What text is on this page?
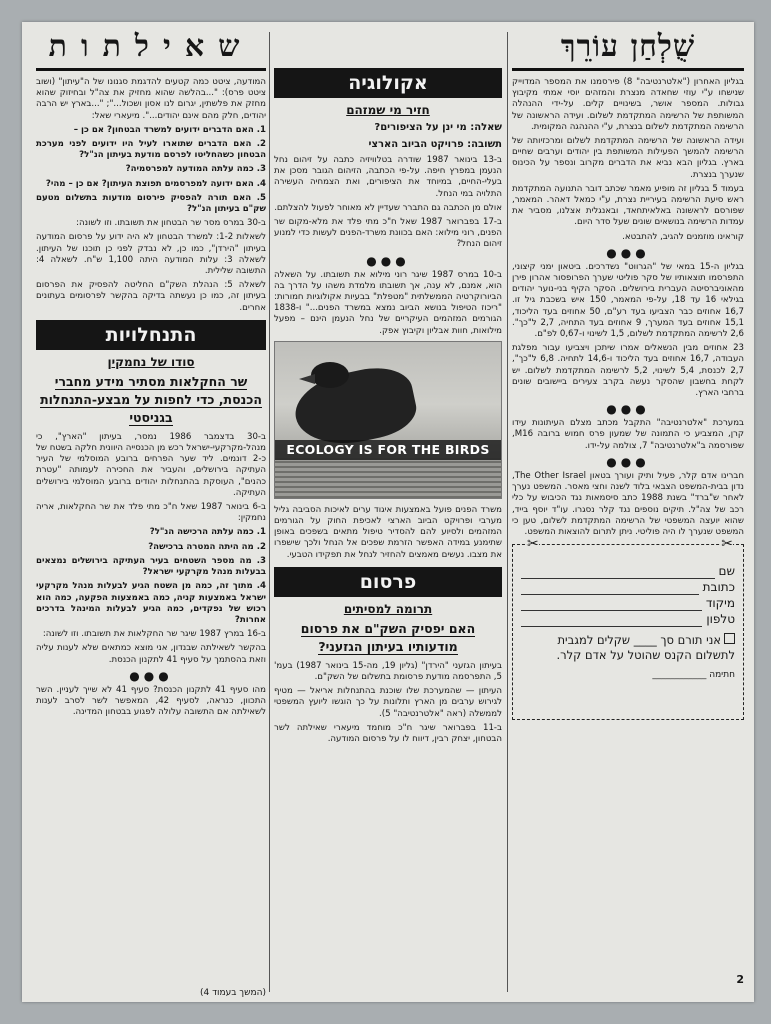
שֻׁלְחַן עוֹרֵךְ

בגליון האחרון ("אלטרנטיבה" 8) פירסמנו את המספר המדוייק שנישחו ע"י עוזי שחאדה מנצרת והמזהים יוסי אמתי מקיבוץ גבולות. המספר אושר, בשינויים קלים. על-ידי ההנהלה המשותפת של הרשימה המתקדמת לשלום. ועידה הראשונה של הרשימה המתקדמת לשלום בנצרת, ע"י ההנהגה המקומית.

ועידה הראשונה של הרשימה המתקדמת לשלום ומרכזיותה של הרשימה להמשך הפעילות המשותפת בין יהודים וערבים שחיים בארץ. בגליון הבא נביא את הדברים מקרוב ונספר על הכינוס שנערך בנצרת.

בעמוד 5 בגליון זה מופיע מאמר שכתב דובר התנועה המתקדמת ראש סיעת הרשימה בעיריית נצרת, ע"י כמאל דאהר. המאמר, שפורסם לראשונה באלאיתחאד, ובאנגלית אצלנו, מסביר את עמדות הרשימה בנושאים שונים שעל סדר היום.

קוראינו מוזמנים להגיב, להתבטא.

●●●

בגליון ה-15 במאי של "הגרווט" נשדרכים. ביטאון ימני קיצוני, התפרסמו תוצאותיו של סקר פוליטי שערך הפרופסור אהרון פירן מהאוניברסיטה העברית בירושלים. הסקר הקיף בני-נוער יהודים בגילאי 16 עד 18, על-פי המאמר, 150 איש בשכבת גיל זו. 16,7 אחוזים כבר הצביעו בעד רע"ם, 50 אחוזים בעד הליכוד, 15,1 אחוזים בעד המערך, 9 אחוזים בעד התחיה, 2,7 ל"כך". 2,6 לרשימה המתקדמת לשלום, 1,5 לשינוי ו-0,67 לפ"ם.

23 אחוזים מבין הנשאלים אמרו שיתכן ויצביעו עבור מפלגת העבודה, 16,7 אחוזים בעד הליכוד ו-14,6 לתחיה. 6,8 ל"כך", 2,7 לכנסת, 5,4 לשינוי, 5,2 לרשימה המתקדמת לשלום. יש לקחת בחשבון שהסקר נעשה בקרב צעירים ביישובים שונים ברחבי הארץ.

●●●

במערכת "אלטרנטיבה" התקבל מכתב מצלם העיתונות עידו קרן, המצביע כי התמונה של שמעון פרס חמוש ברובה M16, שפורסמה ב"אלטרנטיבה" 7, צולמה על-ידו.

●●●

חברינו אדם קלר, פעיל ותיק ועורך בטאון The Other Israel, נדון בבית-המשפט הצבאי בלוד לשנה וחצי מאסר. המשפט נערך לאחר ש"ברד" בשנת 1988 כתב סיסמאות נגד הכיבוש על כלי רכב של צה"ל. תיקים נוספים נגד קלר נסגרו. עו"ד יוסף בייד, שהוא יועצה המשפטי של הרשימה המתקדמת לשלום, טען כי המשפט שנערך לו היה פוליטי. ניתן לתרום להוצאות המשפט.

✂
✂
שם
כתובת
מיקוד
טלפון
אני תורם סך ____ שקלים למגבית לתשלום הקנס שהוטל על אדם קלר.
חתימה ____________
אקולוגיה
חזיר מי שמזהם
שאלה: מי ינן על הציפורים?
תשובה: פרויקט הביוב הארצי

ב-13 בינואר 1987 שודרה בטלוויזיה כתבה על זיהום נחל הנעמן במפרץ חיפה. על-פי הכתבה, הזיהום הגובר מסכן את בעלי-החיים, במיוחד את הציפורים, ואת הצמחיה העשירה התלויה במי הנחל.

אולם מן הכתבה גם התברר שעדיין לא מאוחר לפעול להצלתם.

ב-17 בפברואר 1987 שאל ח"כ מתי פלד את מלא-מקום שר הפנים, רוני מילוא: האם בכוונת משרד-הפנים לעשות כדי למנוע זיהום הנחל?

●●●

ב-10 במרס 1987 שיגר רוני מילוא את תשובתו. על השאלה הוא, אמנם, לא ענה, אך תשובתו מלמדת משהו על הדרך בה הביורוקרטיה הממשלתית "מטפלת" בבעיות אקולוגיות חמורות: "ריכוז הטיפול בנושא הביוב נמצא במשרד הפנים..." ו-1838 הגורמים המזהמים העיקריים של נחל הנעמן הינם – מפעל מילואות, חוות אבליון וקיבוץ אפק.

ECOLOGY IS FOR THE BIRDS

משרד הפנים פועל באמצעות איגוד ערים לאיכות הסביבה גליל מערבי ופרויקט הביוב הארצי לאכיפת החוק על הגורמים המזהמים ולסיוע להם להסדיר טיפול מתאים בשפכים באופן שתימנע במידה האפשר הזרמת שפכים אל הנחל ולכך שישפרו את מצבו. נעשים מאמצים להחזיר לנחל את תפקידו הטבעי.

פרסום
תרומה למסיתים
האם יפסיק השק"ם את פרסום מודעותיו בעיתון הגזעני?

בעיתון הגזעני "הירדן" (גליון 19, מה-15 בינואר 1987) בעמ' 5, התפרסמה מודעת פרסומת בתשלום של השק"ם.

העיתון — שהמערכת שלו שוכנת בהתנחלות אריאל — מטיף לגירוש ערבים מן הארץ ותלונות על כך הוגשו ליועץ המשפטי לממשלה (ראה "אלטרנטיבה" 5).

ב-11 בפברואר שיגר ח"כ מוחמד מיעארי שאילתה לשר הבטחון, יצחק רבין, דיווח לו על פרסום המודעה.

שאילתות

המודעה, ציטט כמה קטעים להדגמת סגנונו של ה"עיתון" (ושוב ציטט פרס): "...בהלשה שהוא מחזיק את צה"ל ובחיזוק שהוא מחזק את פלשתין, יגרום לנו אסון ושכול..."; "...בארץ יש הרבה יהודים, חלק מהם אינם יהודים...". מיעארי שאל:

1. האם הדברים ידועים למשרד הבטחון? אם כן –

2. האם הדברים שתוארו לעיל היו ידועים לפני מערכת הבטחון כשהחליטו לפרסם מודעת בעיתון הנ"ל?

3. כמה עלתה המודעה למפרסמיה?

4. האם ידועה למפרסמים תפוצת העיתון? אם כן – מהי?

5. האם תורה להפסיק פירסום מודעות בתשלום מטעם שק"ם בעיתון הנ"ל?

ב-30 במרס מסר שר הבטחון את תשובתו. וזו לשונה:

לשאלות 1-2: למשרד הבטחון לא היה ידוע על פרסום המודעה בעיתון "הירדן", כמו כן, לא נבדק לפני כן תוכנו של העיתון. לשאלה 3: עלות המודעה היתה 1,100 ש"ח. לשאלה 4: התשובה שלילית.

לשאלה 5: הנהלת השק"ם החליטה להפסיק את הפרסום בעיתון זה, כמו כן נעשתה בדיקה בהקשר לפרסומים בעתונים אחרים.

התנחלויות
סודו של נחמקין
שר החקלאות מסתיר מידע מחברי הכנסת, כדי לחפות על מבצע-התנחלות בגניסטי

ב-30 בדצמבר 1986 נמסר, בעיתון "הארץ", כי מנהל-מקרקעי-ישראל רכש מן הכנסייה היוונית חלקה בשטח של כ-2 דונמים. ליד שער הפרחים ברובע המוסלמי של העיר העתיקה בירושלים, והעביר את החכירה לעמותה "עטרת כהנים", העוסקת בהתנחלות יהודים ברובע המוסלמי בירושלים העתיקה.

ב-6 בינואר 1987 שאל ח"כ מתי פלד את שר החקלאות, אריה נחמקין:

1. כמה עלתה הרכישה הנ"ל?

2. מה היתה המטרה ברכישה?

3. מה מספר השטחים בעיר העתיקה בירושלים נמצאים בבעלות מנהל מקרקעי ישראל?

4. מתוך זה, כמה מן השטח הגיע לבעלות מנהל מקרקעי ישראל באמצעות קניה, כמה באמצעות הפקעה, כמה הוא רכוש של נפקדים, כמה הגיע לבעלות המינהל בדרכים אחרות?

ב-16 במרץ 1987 שיגר שר החקלאות את תשובתו. וזו לשונה:

בהקשר לשאילתה שבנדון, אני מוצא כמתאים שלא לענות עליה וזאת בהסתמך על סעיף 41 לתקנון הכנסת.

●●●

מהו סעיף 41 לתקנון הכנסת? סעיף 41 לא שייך לעניין. השר התכוון, כנראה, לסעיף 42, המאפשר לשר לסרב לענות לשאילתה אם התשובה עלולה לפגוע בבטחון המדינה.

(המשך בעמוד 4)
2
